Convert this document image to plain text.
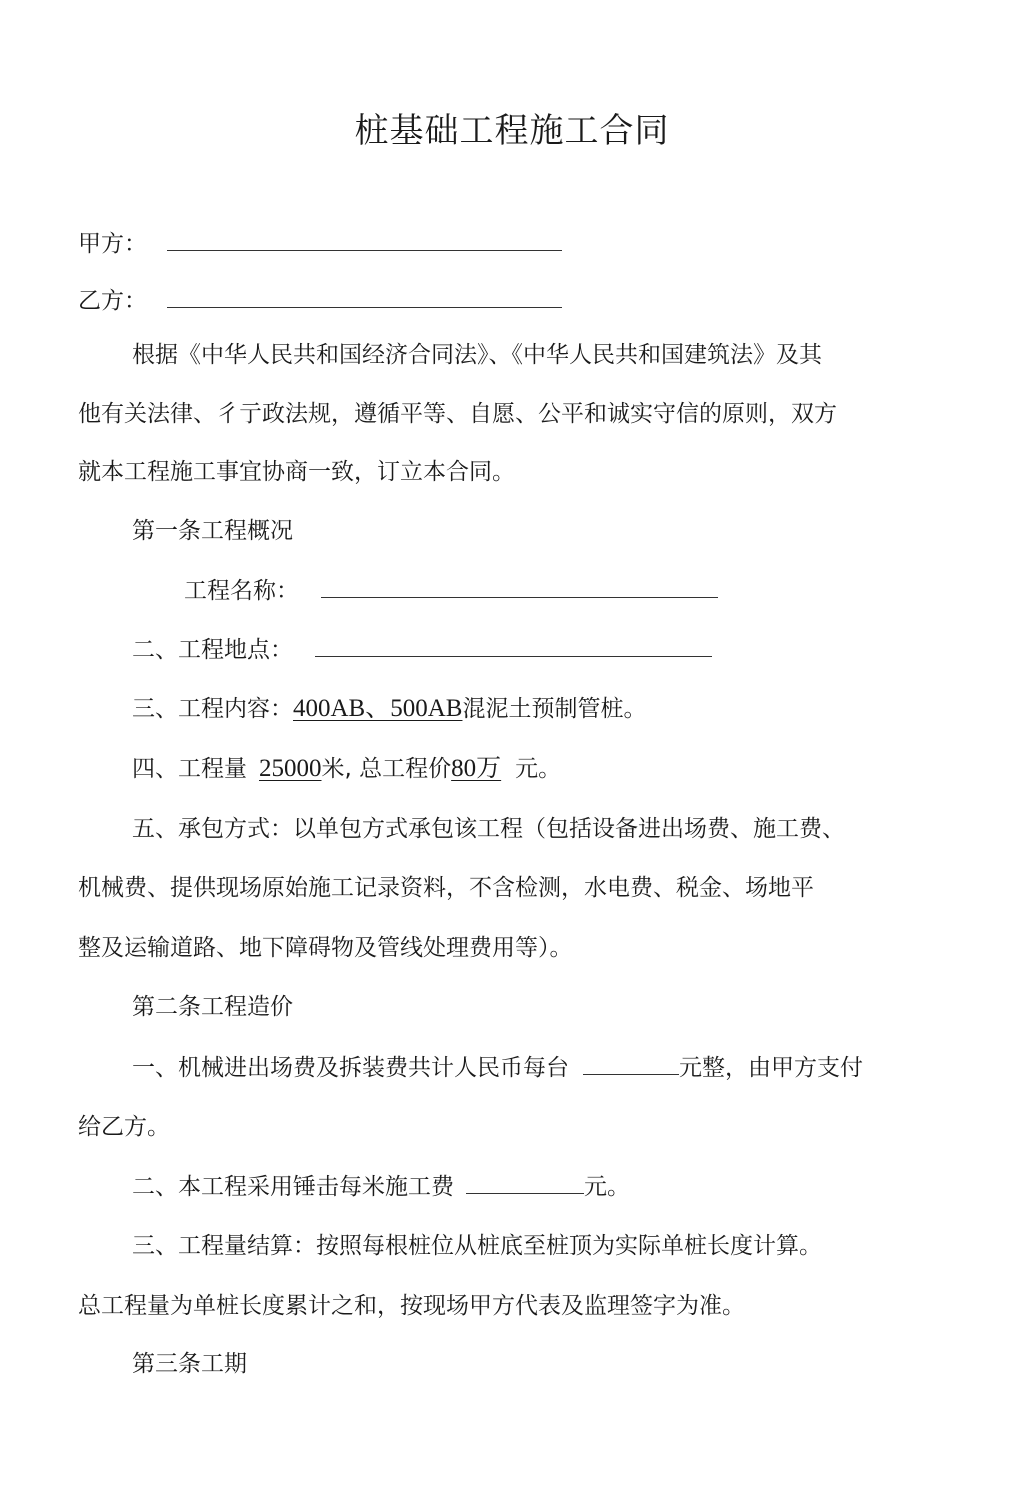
桩基础工程施工合同
甲方：
乙方：
根据《中华人民共和国经济合同法》、《中华人民共和国建筑法》及其
他有关法律、彳亍政法规，遵循平等、自愿、公平和诚实守信的原则，双方
就本工程施工事宜协商一致，订立本合同。
第一条工程概况
工程名称：
二、工程地点：
三、工程内容：400AB、500AB混泥土预制管桩。
四、工程量 25000米, 总工程价80万 元。
五、承包方式：以单包方式承包该工程（包括设备进出场费、施工费、
机械费、提供现场原始施工记录资料，不含检测，水电费、税金、场地平
整及运输道路、地下障碍物及管线处理费用等）。
第二条工程造价
一、机械进出场费及拆装费共计人民币每台	元整，由甲方支付
给乙方。
二、本工程采用锤击每米施工费	元。
三、工程量结算：按照每根桩位从桩底至桩顶为实际单桩长度计算。
总工程量为单桩长度累计之和，按现场甲方代表及监理签字为准。
第三条工期
